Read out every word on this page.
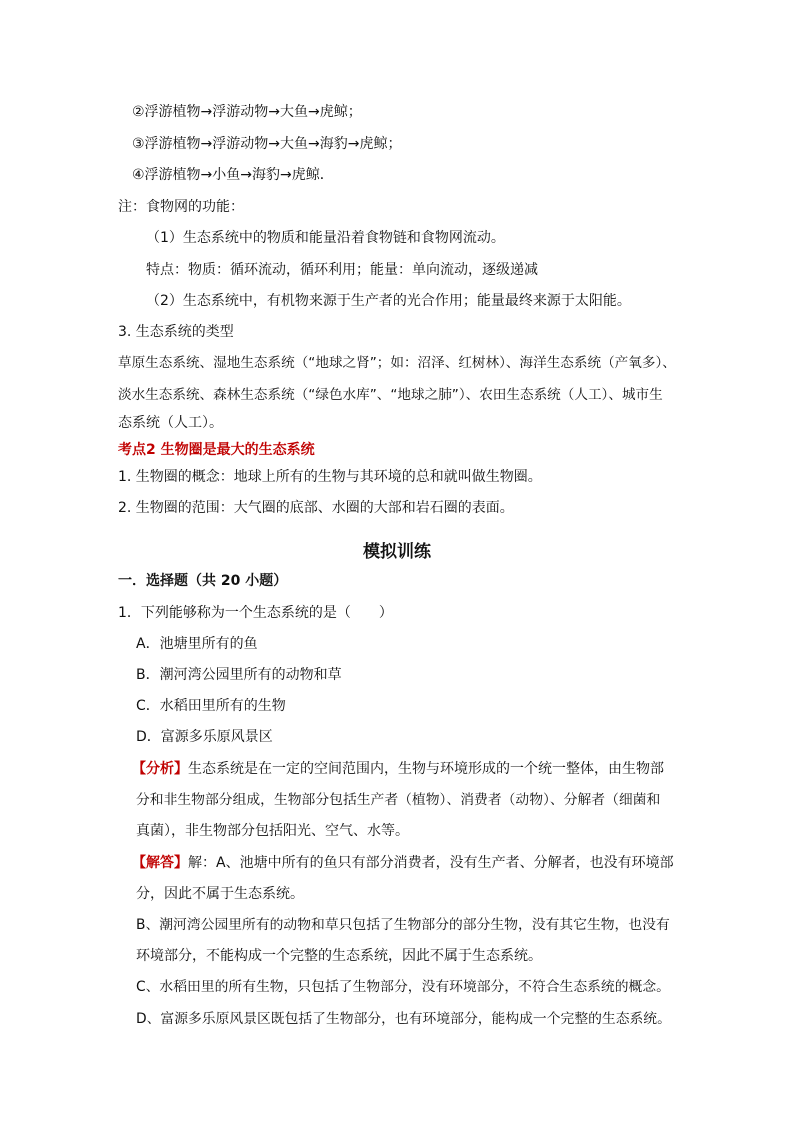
②浮游植物→浮游动物→大鱼→虎鲸；
③浮游植物→浮游动物→大鱼→海豹→虎鲸；
④浮游植物→小鱼→海豹→虎鲸．
注：食物网的功能：
（1）生态系统中的物质和能量沿着食物链和食物网流动。
特点：物质：循环流动，循环利用；能量：单向流动，逐级递减
（2）生态系统中，有机物来源于生产者的光合作用；能量最终来源于太阳能。
3. 生态系统的类型
草原生态系统、湿地生态系统（“地球之肾”；如：沼泽、红树林）、海洋生态系统（产氧多）、
淡水生态系统、森林生态系统（“绿色水库”、“地球之肺”）、农田生态系统（人工）、城市生
态系统（人工）。
考点2 生物圈是最大的生态系统
1. 生物圈的概念：地球上所有的生物与其环境的总和就叫做生物圈。
2. 生物圈的范围：大气圈的底部、水圈的大部和岩石圈的表面。
模拟训练
一．选择题（共 20 小题）
1．下列能够称为一个生态系统的是（　　）
A．池塘里所有的鱼
B．潮河湾公园里所有的动物和草
C．水稻田里所有的生物
D．富源多乐原风景区
【分析】生态系统是在一定的空间范围内，生物与环境形成的一个统一整体，由生物部
分和非生物部分组成，生物部分包括生产者（植物）、消费者（动物）、分解者（细菌和
真菌），非生物部分包括阳光、空气、水等。
【解答】解：A、池塘中所有的鱼只有部分消费者，没有生产者、分解者，也没有环境部
分，因此不属于生态系统。
B、潮河湾公园里所有的动物和草只包括了生物部分的部分生物，没有其它生物，也没有
环境部分，不能构成一个完整的生态系统，因此不属于生态系统。
C、水稻田里的所有生物，只包括了生物部分，没有环境部分，不符合生态系统的概念。
D、富源多乐原风景区既包括了生物部分，也有环境部分，能构成一个完整的生态系统。
